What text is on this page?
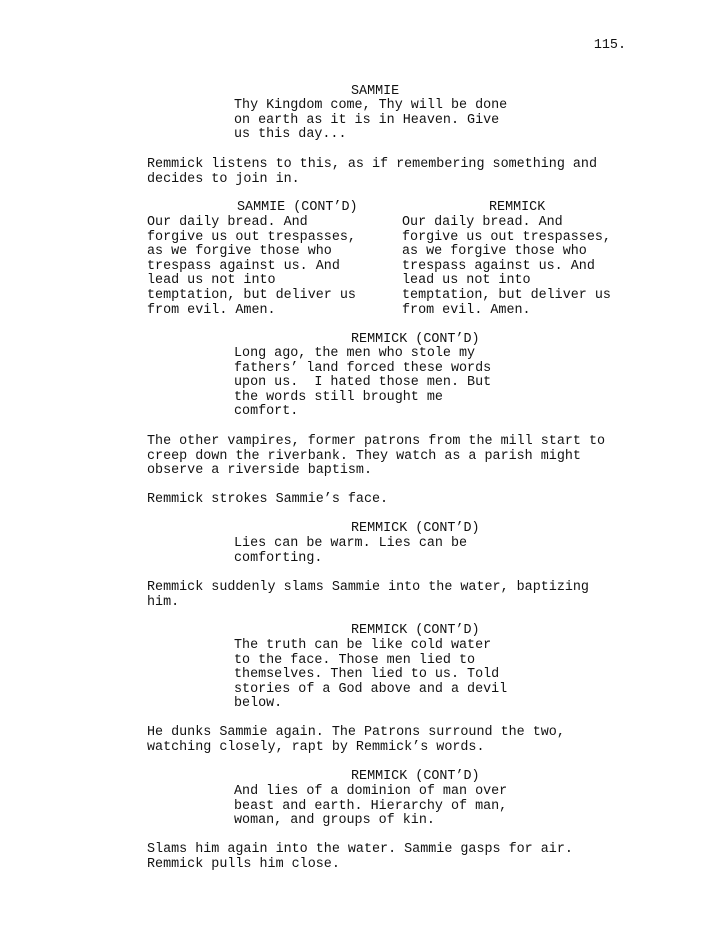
115.
SAMMIE
Thy Kingdom come, Thy will be done
on earth as it is in Heaven. Give
us this day...
Remmick listens to this, as if remembering something and
decides to join in.
SAMMIE (CONT’D)	REMMICK
Our daily bread. And
forgive us out trespasses,
as we forgive those who
trespass against us. And
lead us not into
temptation, but deliver us
from evil. Amen.
Our daily bread. And
forgive us out trespasses,
as we forgive those who
trespass against us. And
lead us not into
temptation, but deliver us
from evil. Amen.
REMMICK (CONT’D)
Long ago, the men who stole my
fathers’ land forced these words
upon us.  I hated those men. But
the words still brought me
comfort.
The other vampires, former patrons from the mill start to
creep down the riverbank. They watch as a parish might
observe a riverside baptism.
Remmick strokes Sammie’s face.
REMMICK (CONT’D)
Lies can be warm. Lies can be
comforting.
Remmick suddenly slams Sammie into the water, baptizing
him.
REMMICK (CONT’D)
The truth can be like cold water
to the face. Those men lied to
themselves. Then lied to us. Told
stories of a God above and a devil
below.
He dunks Sammie again. The Patrons surround the two,
watching closely, rapt by Remmick’s words.
REMMICK (CONT’D)
And lies of a dominion of man over
beast and earth. Hierarchy of man,
woman, and groups of kin.
Slams him again into the water. Sammie gasps for air.
Remmick pulls him close.
